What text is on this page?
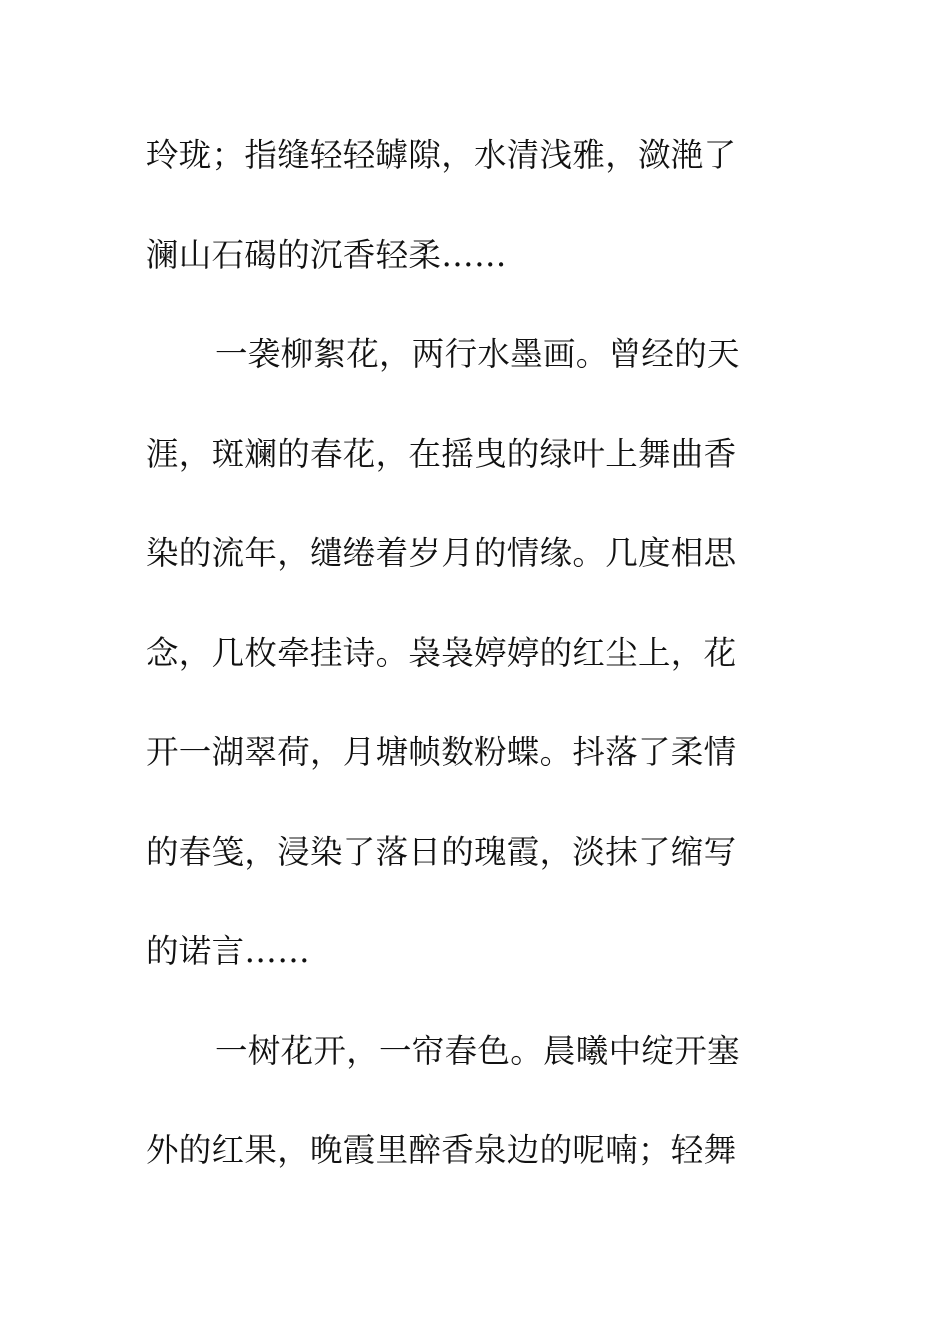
玲珑；指缝轻轻罅隙，水清浅雅，潋滟了
澜山石碣的沉香轻柔……
一袭柳絮花，两行水墨画。曾经的天
涯，斑斓的春花，在摇曳的绿叶上舞曲香
染的流年，缱绻着岁月的情缘。几度相思
念，几枚牵挂诗。袅袅婷婷的红尘上，花
开一湖翠荷，月塘帧数粉蝶。抖落了柔情
的春笺，浸染了落日的瑰霞，淡抹了缩写
的诺言……
一树花开，一帘春色。晨曦中绽开塞
外的红果，晚霞里醉香泉边的呢喃；轻舞
